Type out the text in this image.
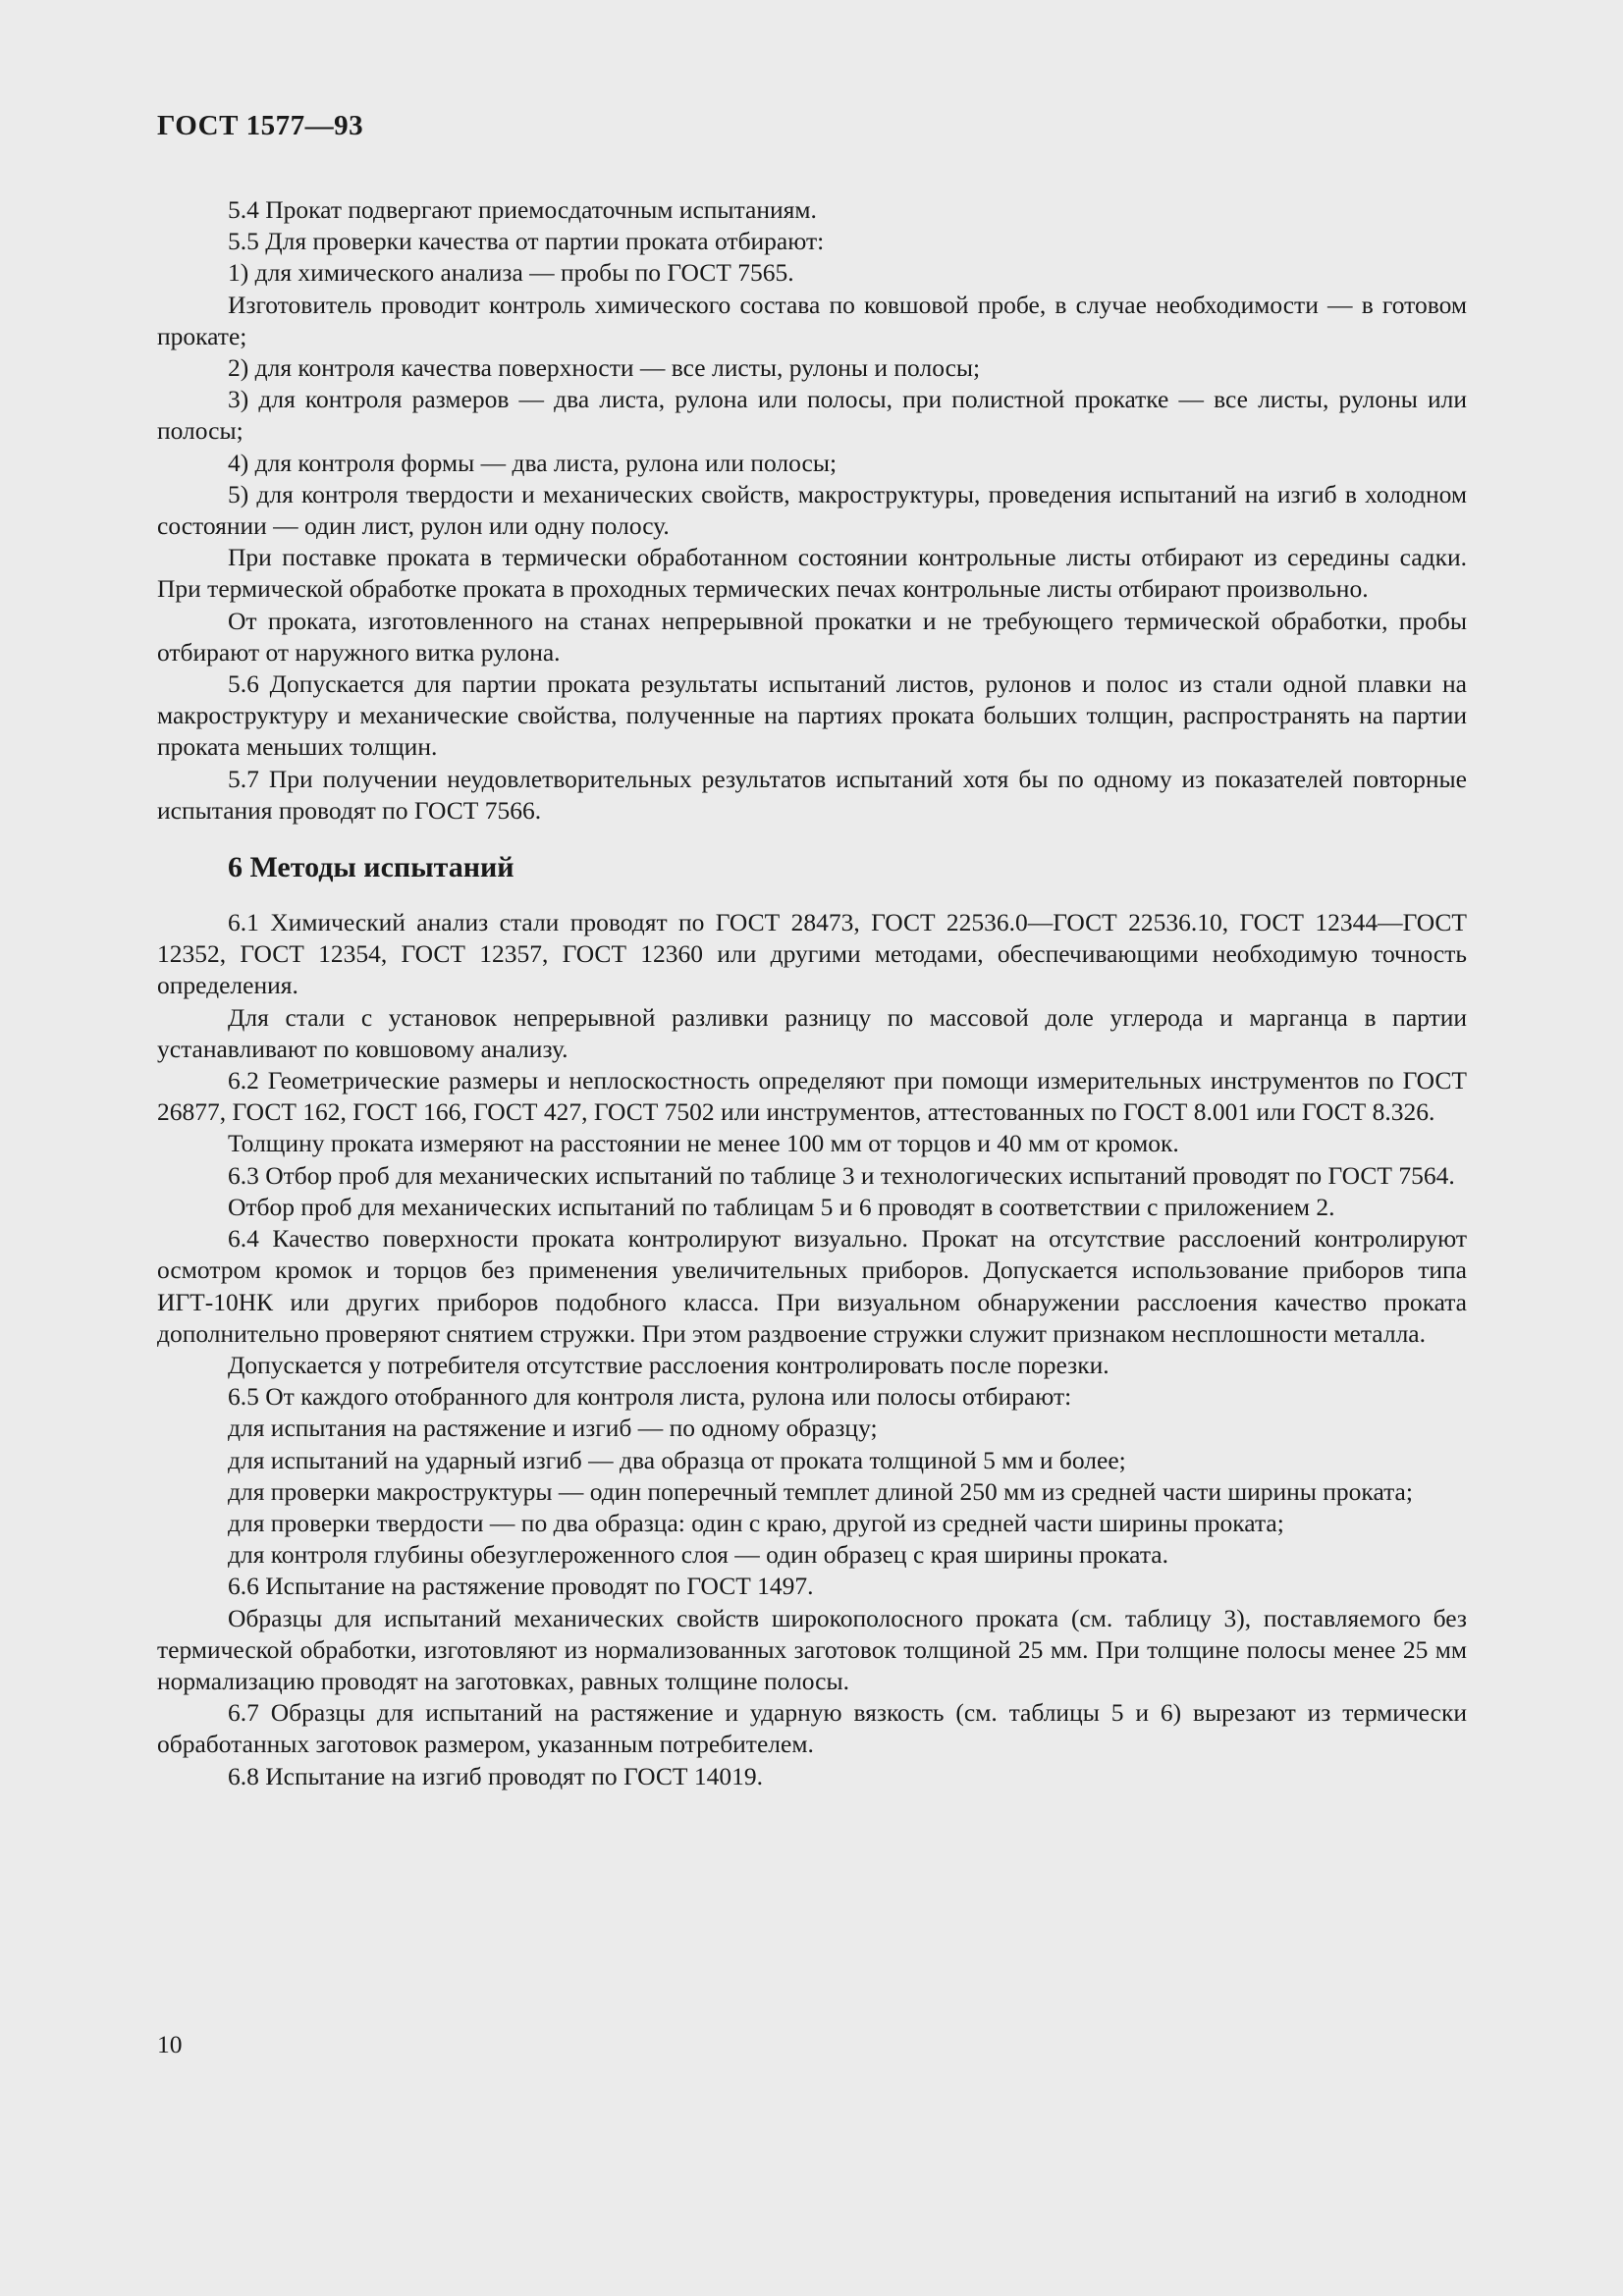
ГОСТ 1577—93

5.4 Прокат подвергают приемосдаточным испытаниям.

5.5 Для проверки качества от партии проката отбирают:

1) для химического анализа — пробы по ГОСТ 7565.

Изготовитель проводит контроль химического состава по ковшовой пробе, в случае необходимости — в готовом прокате;

2) для контроля качества поверхности — все листы, рулоны и полосы;

3) для контроля размеров — два листа, рулона или полосы, при полистной прокатке — все листы, рулоны или полосы;

4) для контроля формы — два листа, рулона или полосы;

5) для контроля твердости и механических свойств, макроструктуры, проведения испытаний на изгиб в холодном состоянии — один лист, рулон или одну полосу.

При поставке проката в термически обработанном состоянии контрольные листы отбирают из середины садки. При термической обработке проката в проходных термических печах контрольные листы отбирают произвольно.

От проката, изготовленного на станах непрерывной прокатки и не требующего термической обработки, пробы отбирают от наружного витка рулона.

5.6 Допускается для партии проката результаты испытаний листов, рулонов и полос из стали одной плавки на макроструктуру и механические свойства, полученные на партиях проката больших толщин, распространять на партии проката меньших толщин.

5.7 При получении неудовлетворительных результатов испытаний хотя бы по одному из показателей повторные испытания проводят по ГОСТ 7566.

6 Методы испытаний

6.1 Химический анализ стали проводят по ГОСТ 28473, ГОСТ 22536.0—ГОСТ 22536.10, ГОСТ 12344—ГОСТ 12352, ГОСТ 12354, ГОСТ 12357, ГОСТ 12360 или другими методами, обеспечивающими необходимую точность определения.

Для стали с установок непрерывной разливки разницу по массовой доле углерода и марганца в партии устанавливают по ковшовому анализу.

6.2 Геометрические размеры и неплоскостность определяют при помощи измерительных инструментов по ГОСТ 26877, ГОСТ 162, ГОСТ 166, ГОСТ 427, ГОСТ 7502 или инструментов, аттестованных по ГОСТ 8.001 или ГОСТ 8.326.

Толщину проката измеряют на расстоянии не менее 100 мм от торцов и 40 мм от кромок.

6.3 Отбор проб для механических испытаний по таблице 3 и технологических испытаний проводят по ГОСТ 7564.

Отбор проб для механических испытаний по таблицам 5 и 6 проводят в соответствии с приложением 2.

6.4 Качество поверхности проката контролируют визуально. Прокат на отсутствие расслоений контролируют осмотром кромок и торцов без применения увеличительных приборов. Допускается использование приборов типа ИГТ-10НК или других приборов подобного класса. При визуальном обнаружении расслоения качество проката дополнительно проверяют снятием стружки. При этом раздвоение стружки служит признаком несплошности металла.

Допускается у потребителя отсутствие расслоения контролировать после порезки.

6.5 От каждого отобранного для контроля листа, рулона или полосы отбирают:

для испытания на растяжение и изгиб — по одному образцу;

для испытаний на ударный изгиб — два образца от проката толщиной 5 мм и более;

для проверки макроструктуры — один поперечный темплет длиной 250 мм из средней части ширины проката;

для проверки твердости — по два образца: один с краю, другой из средней части ширины проката;

для контроля глубины обезуглероженного слоя — один образец с края ширины проката.

6.6 Испытание на растяжение проводят по ГОСТ 1497.

Образцы для испытаний механических свойств широкополосного проката (см. таблицу 3), поставляемого без термической обработки, изготовляют из нормализованных заготовок толщиной 25 мм. При толщине полосы менее 25 мм нормализацию проводят на заготовках, равных толщине полосы.

6.7 Образцы для испытаний на растяжение и ударную вязкость (см. таблицы 5 и 6) вырезают из термически обработанных заготовок размером, указанным потребителем.

6.8 Испытание на изгиб проводят по ГОСТ 14019.

10
